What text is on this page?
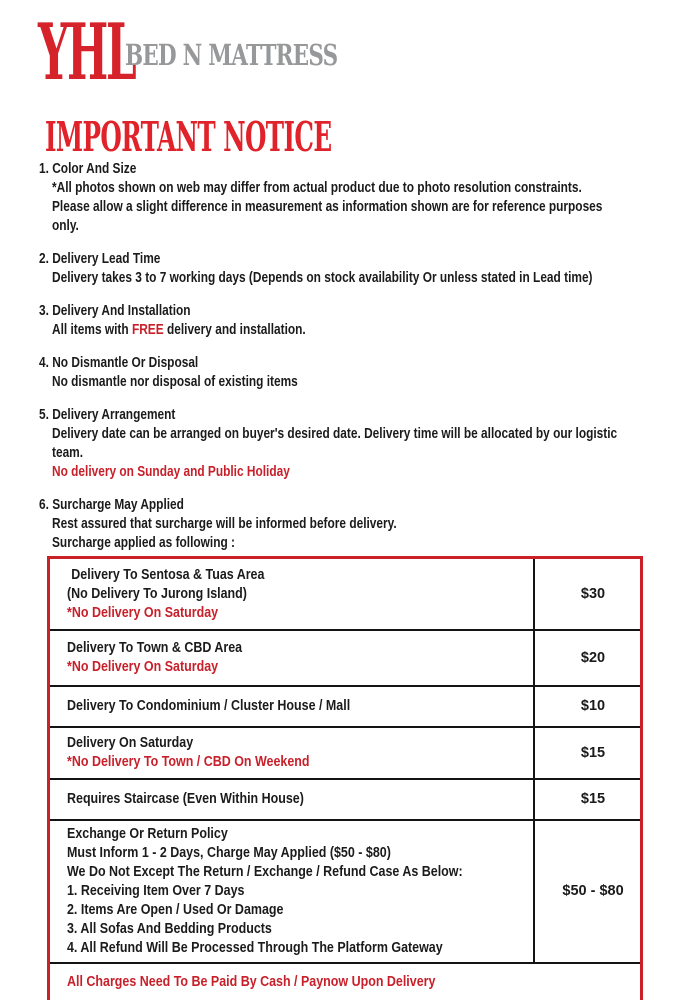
YHL
BED N MATTRESS
IMPORTANT NOTICE
1. Color And Size
*All photos shown on web may differ from actual product due to photo resolution constraints.
Please allow a slight difference in measurement as information shown are for reference purposes
only.
2. Delivery Lead Time
Delivery takes 3 to 7 working days (Depends on stock availability Or unless stated in Lead time)
3. Delivery And Installation
All items with FREE delivery and installation.
4. No Dismantle Or Disposal
No dismantle nor disposal of existing items
5. Delivery Arrangement
Delivery date can be arranged on buyer's desired date. Delivery time will be allocated by our logistic
team.
No delivery on Sunday and Public Holiday
6. Surcharge May Applied
Rest assured that surcharge will be informed before delivery.
Surcharge applied as following :
Delivery To Sentosa & Tuas Area
(No Delivery To Jurong Island)
*No Delivery On Saturday	$30

Delivery To Town & CBD Area
*No Delivery On Saturday	$20

Delivery To Condominium / Cluster House / Mall	$10

Delivery On Saturday
*No Delivery To Town / CBD On Weekend	$15

Requires Staircase (Even Within House)	$15

Exchange Or Return Policy
Must Inform 1 - 2 Days, Charge May Applied ($50 - $80)
We Do Not Except The Return / Exchange / Refund Case As Below:
1. Receiving Item Over 7 Days
2. Items Are Open / Used Or Damage
3. All Sofas And Bedding Products
4. All Refund Will Be Processed Through The Platform Gateway
	$50 - $80

All Charges Need To Be Paid By Cash / Paynow Upon Delivery	
